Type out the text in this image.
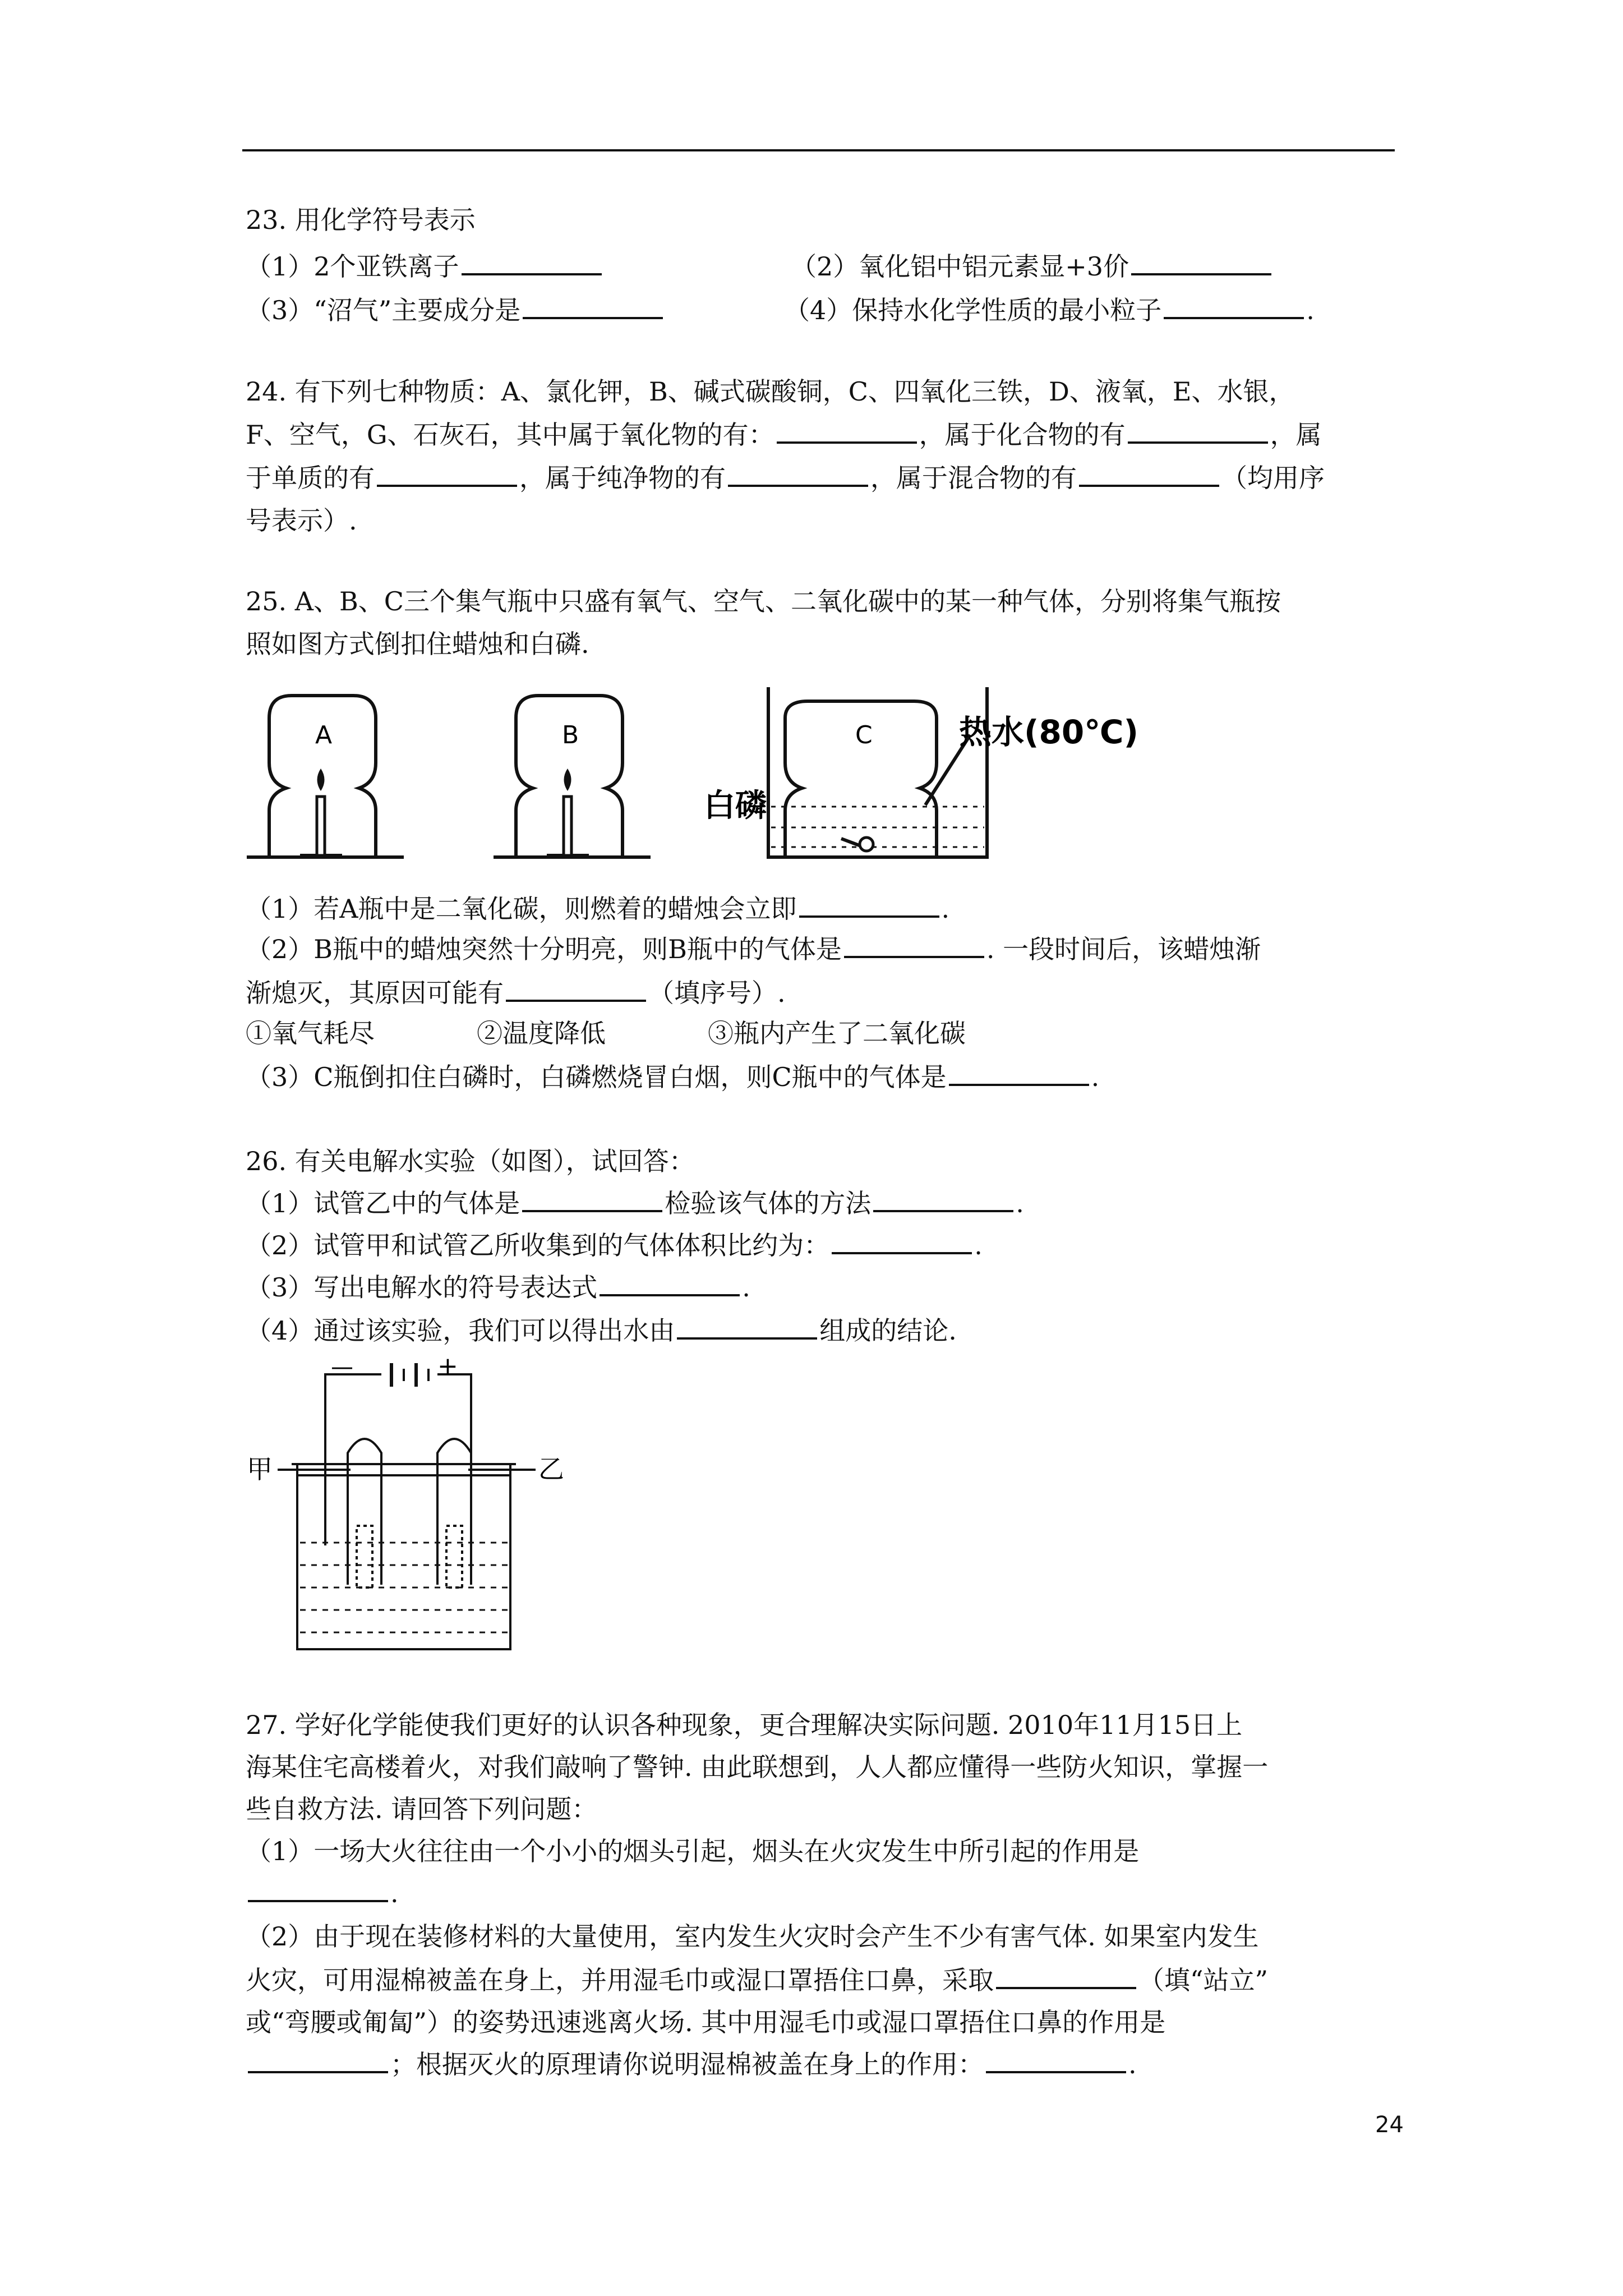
23. 用化学符号表示
（1）2个亚铁离子	（2）氧化铝中铝元素显+3价
（3）“沼气”主要成分是	（4）保持水化学性质的最小粒子	.
24. 有下列七种物质：A、氯化钾，B、碱式碳酸铜，C、四氧化三铁，D、液氧，E、水银，
F、空气，G、石灰石，其中属于氧化物的有：	，属于化合物的有	，属
于单质的有	，属于纯净物的有	，属于混合物的有	（均用序
号表示）.
25. A、B、C三个集气瓶中只盛有氧气、空气、二氧化碳中的某一种气体，分别将集气瓶按
照如图方式倒扣住蜡烛和白磷.
A	B	C	热水(80℃)
白磷
（1）若A瓶中是二氧化碳，则燃着的蜡烛会立即	.
（2）B瓶中的蜡烛突然十分明亮，则B瓶中的气体是	. 一段时间后，该蜡烛渐
渐熄灭，其原因可能有	（填序号）.
①氧气耗尽	②温度降低	③瓶内产生了二氧化碳
（3）C瓶倒扣住白磷时，白磷燃烧冒白烟，则C瓶中的气体是	.
26. 有关电解水实验（如图），试回答：
（1）试管乙中的气体是	检验该气体的方法	.
（2）试管甲和试管乙所收集到的气体体积比约为：	.
（3）写出电解水的符号表达式	.
（4）通过该实验，我们可以得出水由	组成的结论.
—	+
甲	乙
27. 学好化学能使我们更好的认识各种现象，更合理解决实际问题. 2010年11月15日上
海某住宅高楼着火，对我们敲响了警钟. 由此联想到，人人都应懂得一些防火知识，掌握一
些自救方法. 请回答下列问题：
（1）一场大火往往由一个小小的烟头引起，烟头在火灾发生中所引起的作用是
.
（2）由于现在装修材料的大量使用，室内发生火灾时会产生不少有害气体. 如果室内发生
火灾，可用湿棉被盖在身上，并用湿毛巾或湿口罩捂住口鼻，采取	（填“站立”
或“弯腰或匍匐”）的姿势迅速逃离火场. 其中用湿毛巾或湿口罩捂住口鼻的作用是
；根据灭火的原理请你说明湿棉被盖在身上的作用：	.
24
